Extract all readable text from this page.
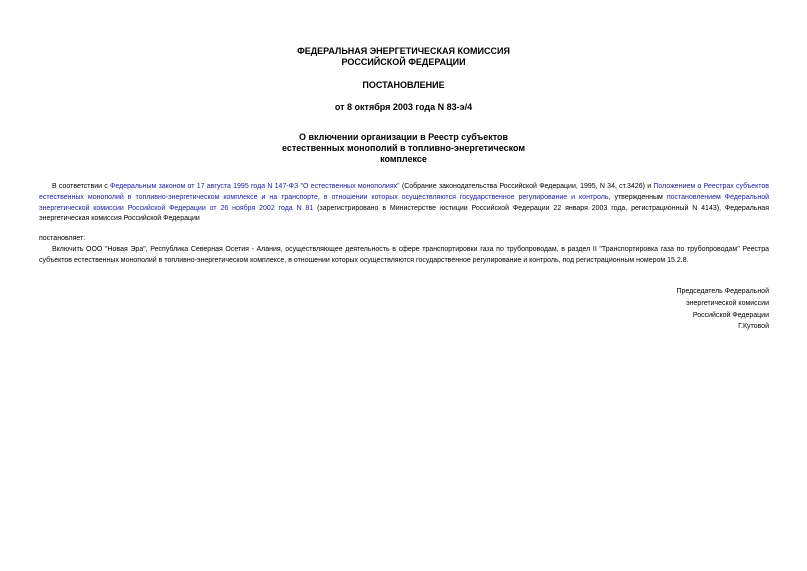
ФЕДЕРАЛЬНАЯ ЭНЕРГЕТИЧЕСКАЯ КОМИССИЯ
РОССИЙСКОЙ ФЕДЕРАЦИИ
ПОСТАНОВЛЕНИЕ
от 8 октября 2003 года N 83-э/4
О включении организации в Реестр субъектов
естественных монополий в топливно-энергетическом
комплексе
В соответствии с Федеральным законом от 17 августа 1995 года N 147-ФЗ "О естественных монополиях" (Собрание законодательства Российской Федерации, 1995, N 34, ст.3426) и Положением о Реестрах субъектов естественных монополий в топливно-энергетическом комплексе и на транспорте, в отношении которых осуществляются государственное регулирование и контроль, утвержденным постановлением Федеральной энергетической комиссии Российской Федерации от 26 ноября 2002 года N 81 (зарегистрировано в Министерстве юстиции Российской Федерации 22 января 2003 года, регистрационный N 4143), Федеральная энергетическая комиссия Российской Федерации
постановляет:
Включить ООО "Новая Эра", Республика Северная Осетия - Алания, осуществляющее деятельность в сфере транспортировки газа по трубопроводам, в раздел II "Транспортировка газа по трубопроводам" Реестра субъектов естественных монополий в топливно-энергетическом комплексе, в отношении которых осуществляются государственное регулирование и контроль, под регистрационным номером 15.2.8.
Председатель Федеральной
энергетической комиссии
Российской Федерации
Г.Кутовой
